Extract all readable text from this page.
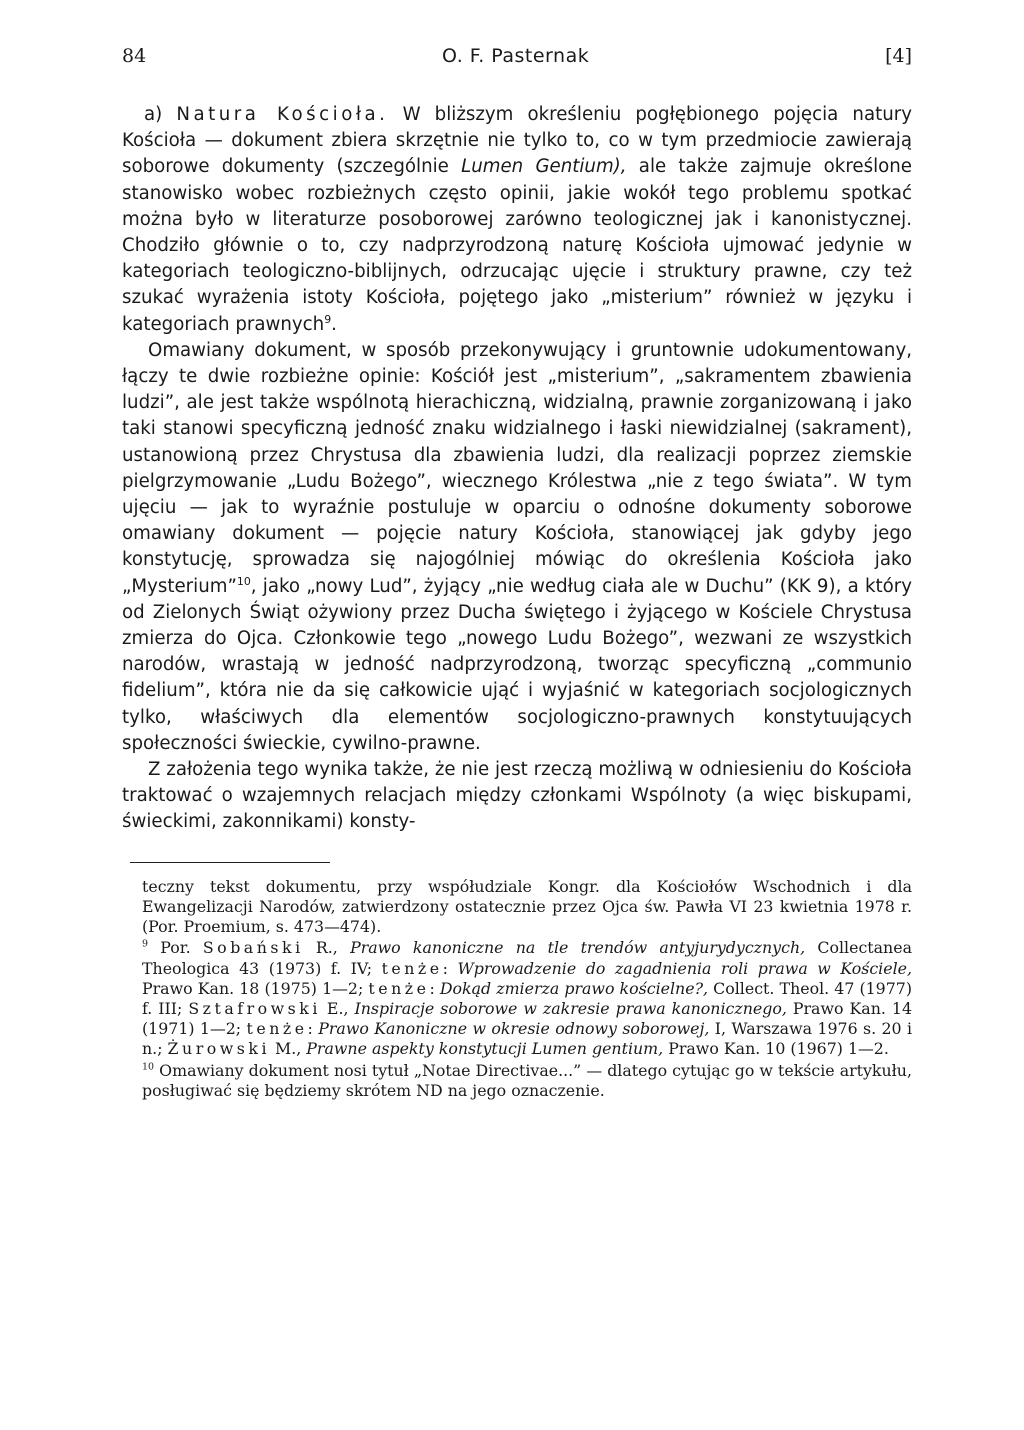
84	O. F. Pasternak	[4]

a) Natura Kościoła. W bliższym określeniu pogłębionego pojęcia natury Kościoła — dokument zbiera skrzętnie nie tylko to, co w tym przedmiocie zawierają soborowe dokumenty (szczególnie Lumen Gentium), ale także zajmuje określone stanowisko wobec rozbieżnych często opinii, jakie wokół tego problemu spotkać można było w literaturze posoborowej zarówno teologicznej jak i kanonistycznej. Chodziło głównie o to, czy nadprzyrodzoną naturę Kościoła ujmować jedynie w kategoriach teologiczno-biblijnych, odrzucając ujęcie i struktury prawne, czy też szukać wyrażenia istoty Kościoła, pojętego jako „misterium” również w języku i kategoriach prawnych$^9$.

Omawiany dokument, w sposób przekonywujący i gruntownie udokumentowany, łączy te dwie rozbieżne opinie: Kościół jest „misterium”, „sakramentem zbawienia ludzi”, ale jest także wspólnotą hierachiczną, widzialną, prawnie zorganizowaną i jako taki stanowi specyficzną jedność znaku widzialnego i łaski niewidzialnej (sakrament), ustanowioną przez Chrystusa dla zbawienia ludzi, dla realizacji poprzez ziemskie pielgrzymowanie „Ludu Bożego”, wiecznego Królestwa „nie z tego świata”. W tym ujęciu — jak to wyraźnie postuluje w oparciu o odnośne dokumenty soborowe omawiany dokument — pojęcie natury Kościoła, stanowiącej jak gdyby jego konstytucję, sprowadza się najogólniej mówiąc do określenia Kościoła jako „Mysterium”$^{10}$, jako „nowy Lud”, żyjący „nie według ciała ale w Duchu” (KK 9), a który od Zielonych Świąt ożywiony przez Ducha świętego i żyjącego w Kościele Chrystusa zmierza do Ojca. Członkowie tego „nowego Ludu Bożego”, wezwani ze wszystkich narodów, wrastają w jedność nadprzyrodzoną, tworząc specyficzną „communio fidelium”, która nie da się całkowicie ująć i wyjaśnić w kategoriach socjologicznych tylko, właściwych dla elementów socjologiczno-prawnych konstytuujących społeczności świeckie, cywilno-prawne.

Z założenia tego wynika także, że nie jest rzeczą możliwą w odniesieniu do Kościoła traktować o wzajemnych relacjach między członkami Wspólnoty (a więc biskupami, świeckimi, zakonnikami) konsty-

teczny tekst dokumentu, przy współudziale Kongr. dla Kościołów Wschodnich i dla Ewangelizacji Narodów, zatwierdzony ostatecznie przez Ojca św. Pawła VI 23 kwietnia 1978 r. (Por. Proemium, s. 473—474).

$^9$ Por. Sobański R., Prawo kanoniczne na tle trendów antyjurydycznych, Collectanea Theologica 43 (1973) f. IV; tenże: Wprowadzenie do zagadnienia roli prawa w Kościele, Prawo Kan. 18 (1975) 1—2; tenże: Dokąd zmierza prawo kościelne?, Collect. Theol. 47 (1977) f. III; Sztafrowski E., Inspiracje soborowe w zakresie prawa kanonicznego, Prawo Kan. 14 (1971) 1—2; tenże: Prawo Kanoniczne w okresie odnowy soborowej, I, Warszawa 1976 s. 20 i n.; Żurowski M., Prawne aspekty konstytucji Lumen gentium, Prawo Kan. 10 (1967) 1—2.

$^{10}$ Omawiany dokument nosi tytuł „Notae Directivae...” — dlatego cytując go w tekście artykułu, posługiwać się będziemy skrótem ND na jego oznaczenie.
